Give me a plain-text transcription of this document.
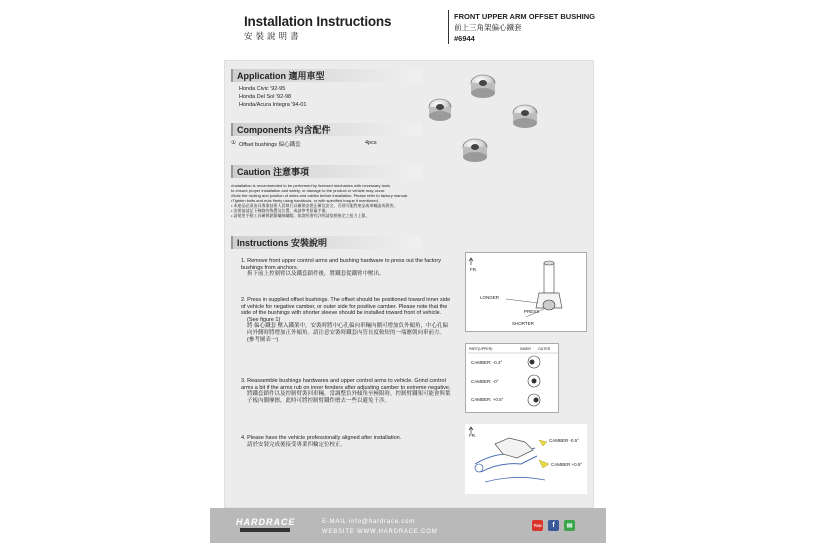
Installation Instructions
安裝說明書
FRONT UPPER ARM OFFSET BUSHING
前上三角架偏心鐵套
#6944
Application 適用車型
Honda Civic '92-95
Honda Del Sol '92-98
Honda/Acura Integra '94-01
Components 內含配件
① Offset bushings 偏心鐵套	4pcs
Caution 注意事項
•Installation is recommended to be performed by licensed mechanics with necessary tools
to ensure proper installation and safety, or damage to the product or vehicle may occur.
•Note the routing and position of wires and cables before installation. Please refer to factory manual.
•Tighten bolts and nuts firmly using handtools, or with specified torque if mentioned.
• 本產品必須由具專業技術人員執行以確保安裝正確及安全，否則可能對產品或車輛造成損害。
• 安裝前請記下線路的佈置及位置，或請參考原廠手冊。
• 請使用手動工具確實鎖緊螺絲螺帽，如說明書有註明請依照指定之扭力上緊。
Instructions 安裝說明
1. Remove front upper control arms and bushing hardware to press out the factory bushings from anchors.
拆下前上控制臂以及鐵套鎖件後，將鐵套從鐵臂中壓出。
2. Press in supplied offset bushings. The offset should be positioned toward inner side of vehicle for negative camber, or outer side for positive camber. Please note that the side of the bushings with shorter sleeve should be installed toward front of vehicle.
(See figure 1)
將 偏心鐵套 壓入鐵架中，安裝時將中心孔偏向車輛內側可增加負外傾角，中心孔偏向外側時將增加正外傾角。請注意安裝時鐵套內管長度較短的一端應朝向車前方。(參考圖表一)
3. Reassemble bushings hardwares and upper control arms to vehicle. Grind control arms a bit if the arms rub on inner fenders after adjusting camber to extreme negative.
將鐵套鎖件以及控制臂裝回車輛。當調整負外傾角至極限時，控制臂鐵架可能會與葉子板內側摩擦，此時可將控制臂鐵件磨去一些以避免干涉。
4. Please have the vehicle professionally aligned after installation.
請於安裝完成後接受專業四輪定位校正。
FR.
LONGER
PRESS
SHORTER
PART(UPPER)	INNER OUTER
CAMBER: -0.3°
CAMBER: -0°
CAMBER: +0.5°
FR.
CAMBER -0.5°
CAMBER +0.5°
HARDRACE	E-MAIL info@hardrace.com
WEBSITE WWW.HARDRACE.COM
You	f	✉
